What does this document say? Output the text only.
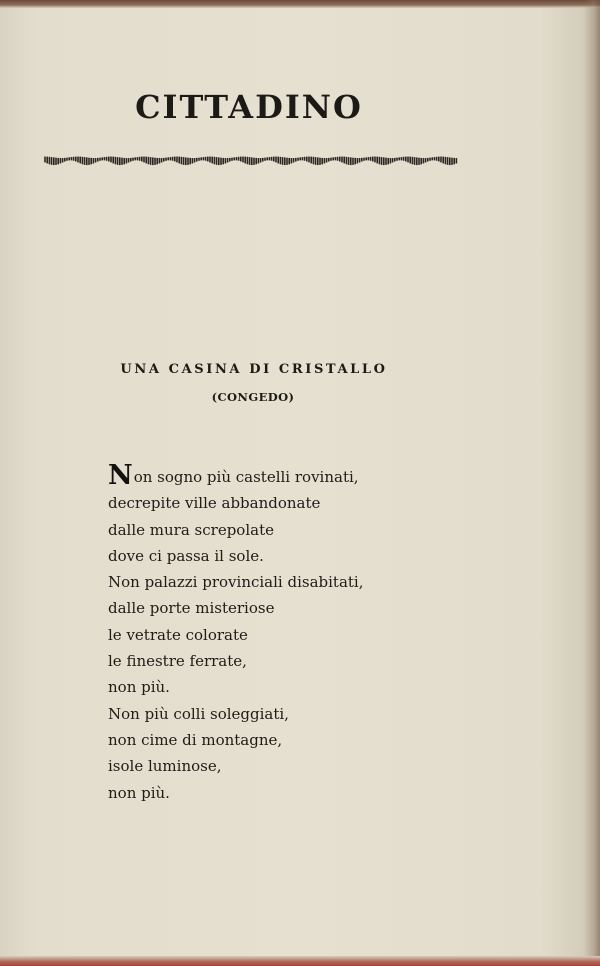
CITTADINO
UNA CASINA DI CRISTALLO

(CONGEDO)

Non sogno più castelli rovinati,
decrepite ville abbandonate
dalle mura screpolate
dove ci passa il sole.
Non palazzi provinciali disabitati,
dalle porte misteriose
le vetrate colorate
le finestre ferrate,
non più.
Non più colli soleggiati,
non cime di montagne,
isole luminose,
non più.
